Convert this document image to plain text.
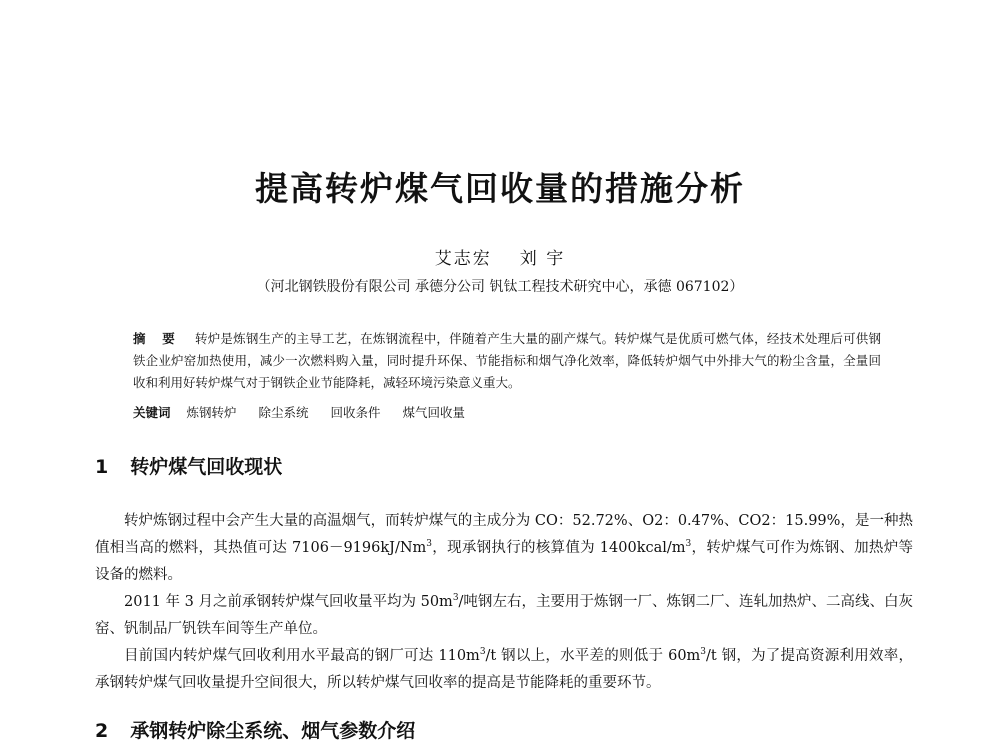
提高转炉煤气回收量的措施分析
艾志宏 刘 宇
（河北钢铁股份有限公司 承德分公司 钒钛工程技术研究中心，承德 067102）
摘 要 转炉是炼钢生产的主导工艺，在炼钢流程中，伴随着产生大量的副产煤气。转炉煤气是优质可燃气体，经技术处理后可供钢铁企业炉窑加热使用，减少一次燃料购入量，同时提升环保、节能指标和烟气净化效率，降低转炉烟气中外排大气的粉尘含量，全量回收和利用好转炉煤气对于钢铁企业节能降耗，减轻环境污染意义重大。
关键词 炼钢转炉 除尘系统 回收条件 煤气回收量
1 转炉煤气回收现状

转炉炼钢过程中会产生大量的高温烟气，而转炉煤气的主成分为 CO：52.72%、O2：0.47%、CO2：15.99%，是一种热值相当高的燃料，其热值可达 $7106-9196kJ/Nm^3$，现承钢执行的核算值为 $1400kcal/m^3$，转炉煤气可作为炼钢、加热炉等设备的燃料。

2011 年 3 月之前承钢转炉煤气回收量平均为 $50m^3/$吨钢左右，主要用于炼钢一厂、炼钢二厂、连轧加热炉、二高线、白灰窑、钒制品厂钒铁车间等生产单位。

目前国内转炉煤气回收利用水平最高的钢厂可达 $110m^3/t$ 钢以上，水平差的则低于 $60m^3/t$ 钢，为了提高资源利用效率，承钢转炉煤气回收量提升空间很大，所以转炉煤气回收率的提高是节能降耗的重要环节。

2 承钢转炉除尘系统、烟气参数介绍
